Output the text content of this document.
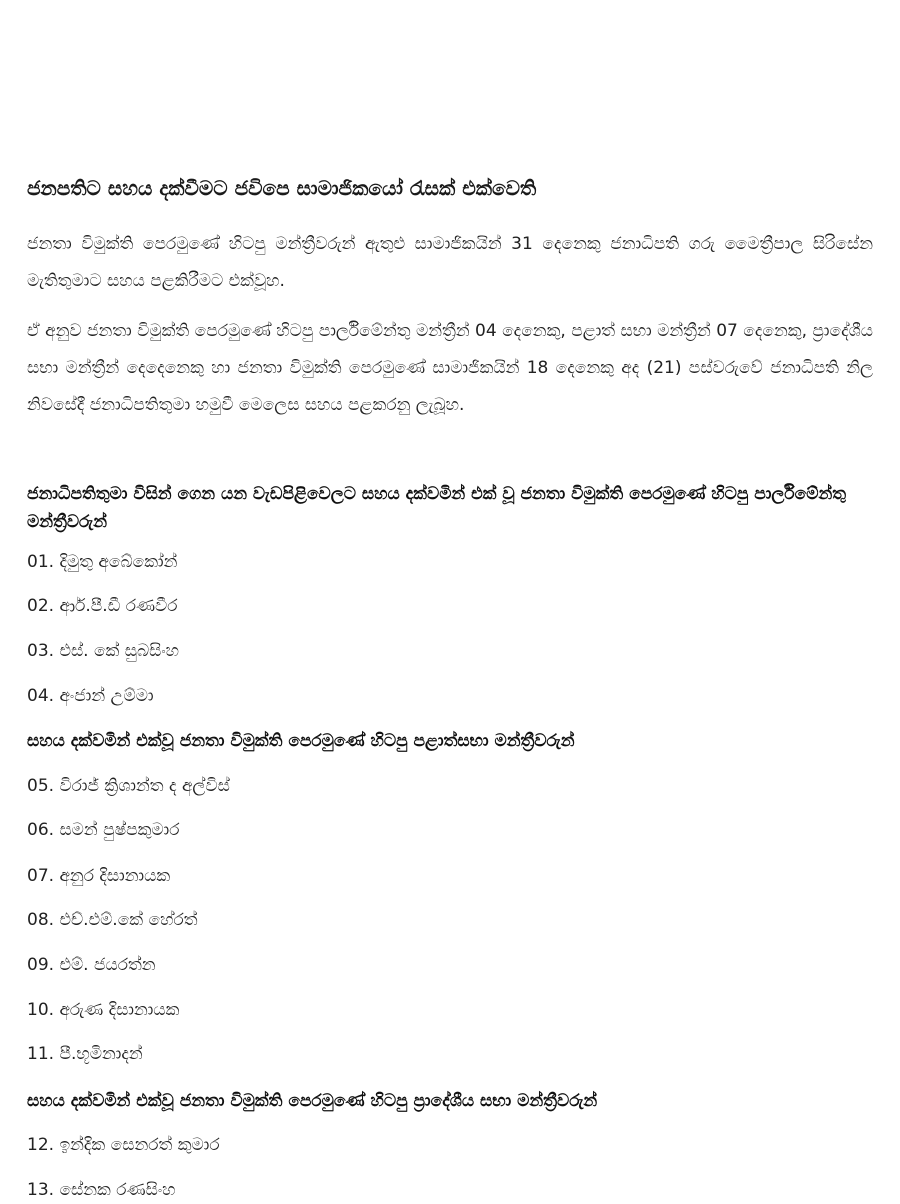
ජනපතිට සහය දක්වීමට ජවිපෙ සාමාජිකයෝ රැසක් එක්වෙති
ජනතා විමුක්ති පෙරමුණේ හිටපු මන්ත්‍රීවරුන් ඇතුළු සාමාජිකයින් 31 දෙනෙකු ජනාධිපති ගරු මෛත්‍රීපාල සිරිසේන මැතිතුමාට සහය පළකිරීමට එක්වූහ.
ඒ අනුව ජනතා විමුක්ති පෙරමුණේ හිටපු පාර්ලිමේන්තු මන්ත්‍රීන් 04 දෙනෙකු, පළාත් සභා මන්ත්‍රීන් 07 දෙනෙකු, ප්‍රාදේශීය සභා මන්ත්‍රීන් දෙදෙනෙකු හා ජනතා විමුක්ති පෙරමුණේ සාමාජිකයින් 18 දෙනෙකු අද (21) පස්වරුවේ ජනාධිපති නිල නිවසේදී ජනාධිපතිතුමා හමුවී මෙලෙස සහය පළකරනු ලැබූහ.
ජනාධිපතිතුමා විසින් ගෙන යන වැඩපිළිවෙලට සහය දක්වමින් එක් වූ ජනතා විමුක්ති පෙරමුණේ හිටපු පාර්ලිමේන්තු මන්ත්‍රීවරුන්
01. දිමුතු අබේකෝන්
02. ආර්.පී.ඩී රණවීර
03. එස්. කේ සුබසිංහ
04. අංජාන් උම්මා
සහය දක්වමින් එක්වූ ජනතා විමුක්ති පෙරමුණේ හිටපු පළාත්සභා මන්ත්‍රීවරුන්
05. විරාජ් ක්‍රිශාන්ත ද අල්විස්
06. සමන් පුෂ්පකුමාර
07. අනුර දිසානායක
08. එච්.එම්.කේ හේරත්
09. එම්. ජයරත්න
10. අරුණ දිසානායක
11. පී.භූමිනාදන්
සහය දක්වමින් එක්වූ ජනතා විමුක්ති පෙරමුණේ හිටපු ප්‍රාදේශීය සභා මන්ත්‍රීවරුන්
12. ඉන්දික සෙනරත් කුමාර
13. සේනක රණසිංහ
